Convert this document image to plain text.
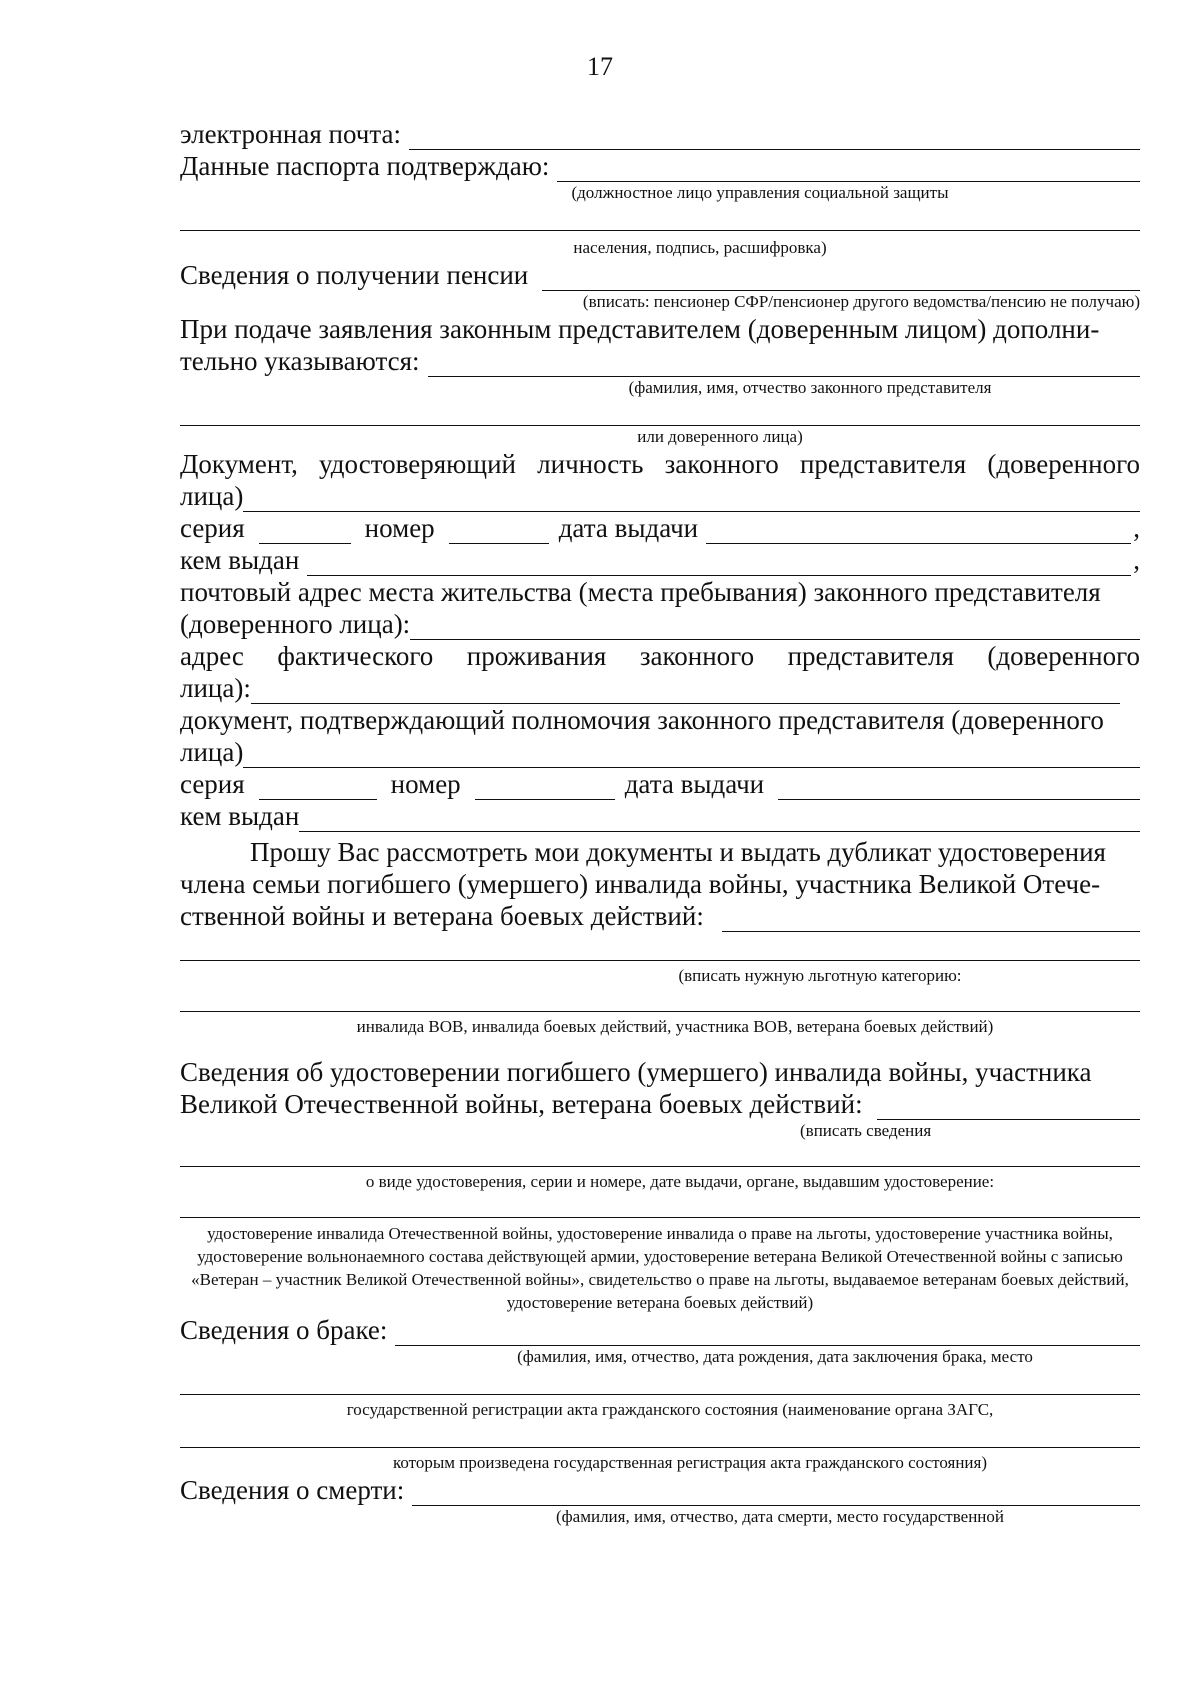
17
электронная почта:
Данные паспорта подтверждаю:
(должностное лицо управления социальной защиты
населения, подпись, расшифровка)
Сведения о получении пенсии
(вписать: пенсионер СФР/пенсионер другого ведомства/пенсию не получаю)
При подаче заявления законным представителем (доверенным лицом) дополни-
тельно указываются:
(фамилия, имя, отчество законного представителя
или доверенного лица)
Документ, удостоверяющий личность законного представителя (доверенного
лица)
серия	номер	дата выдачи	,
кем выдан	,
почтовый адрес места жительства (места пребывания) законного представителя
(доверенного лица):
адрес фактического проживания законного представителя (доверенного
лица):
документ, подтверждающий полномочия законного представителя (доверенного
лица)
серия	номер	дата выдачи
кем выдан
Прошу Вас рассмотреть мои документы и выдать дубликат удостоверения
члена семьи погибшего (умершего) инвалида войны, участника Великой Отече-
ственной войны и ветерана боевых действий:
(вписать нужную льготную категорию:
инвалида ВОВ, инвалида боевых действий, участника ВОВ, ветерана боевых действий)
Сведения об удостоверении погибшего (умершего) инвалида войны, участника
Великой Отечественной войны, ветерана боевых действий:
(вписать сведения
о виде удостоверения, серии и номере, дате выдачи, органе, выдавшим удостоверение:
удостоверение инвалида Отечественной войны, удостоверение инвалида о праве на льготы, удостоверение участника войны, удостоверение вольнонаемного состава действующей армии, удостоверение ветерана Великой Отечественной войны с записью «Ветеран – участник Великой Отечественной войны», свидетельство о праве на льготы, выдаваемое ветеранам боевых действий, удостоверение ветерана боевых действий)
Сведения о браке:
(фамилия, имя, отчество, дата рождения, дата заключения брака, место
государственной регистрации акта гражданского состояния (наименование органа ЗАГС,
которым произведена государственная регистрация акта гражданского состояния)
Сведения о смерти:
(фамилия, имя, отчество, дата смерти, место государственной
